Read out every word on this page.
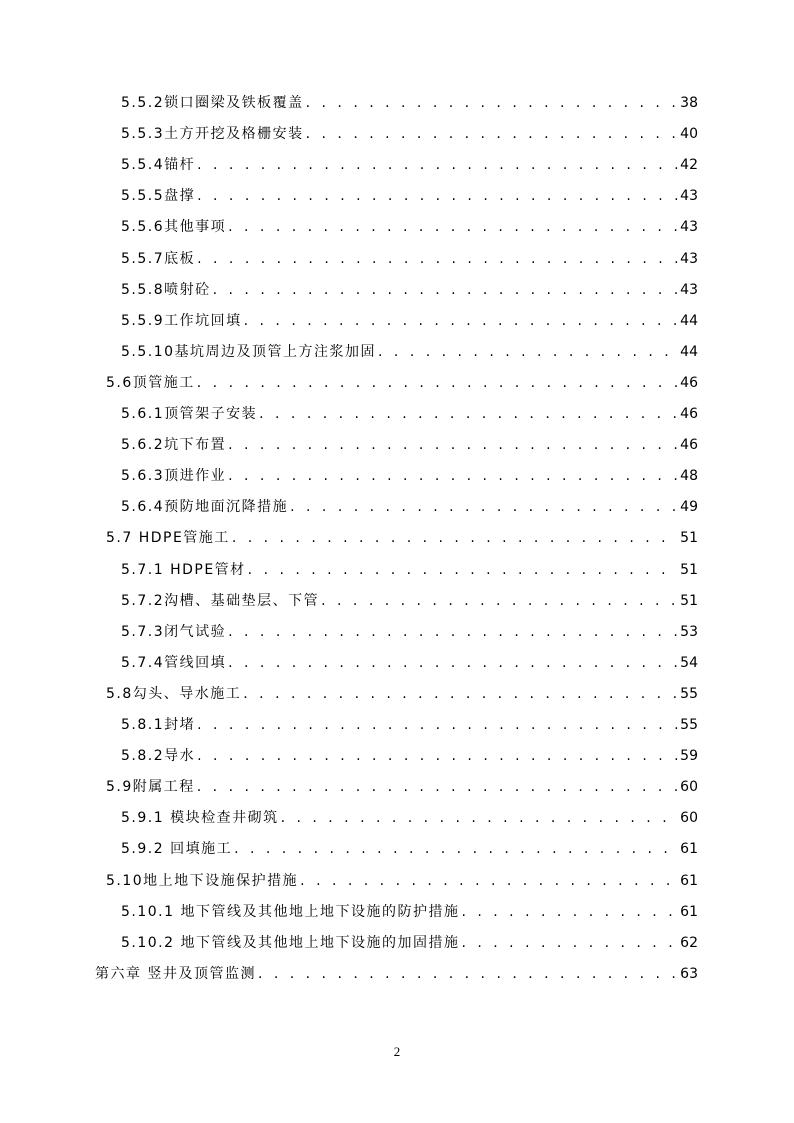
5.5.2锁口圈梁及铁板覆盖 . . .	38
5.5.3土方开挖及格栅安装 . . .	40
5.5.4锚杆 . . .	42
5.5.5盘撑 . . .	43
5.5.6其他事项 . . .	43
5.5.7底板 . . .	43
5.5.8喷射砼 . . .	43
5.5.9工作坑回填 . . .	44
5.5.10基坑周边及顶管上方注浆加固 . . .	44
5.6顶管施工 . . .	46
5.6.1顶管架子安装 . . .	46
5.6.2坑下布置 . . .	46
5.6.3顶进作业 . . .	48
5.6.4预防地面沉降措施 . . .	49
5.7 HDPE管施工 . . .	51
5.7.1 HDPE管材 . . .	51
5.7.2沟槽、基础垫层、下管 . . .	51
5.7.3闭气试验 . . .	53
5.7.4管线回填 . . .	54
5.8勾头、导水施工 . . .	55
5.8.1封堵 . . .	55
5.8.2导水 . . .	59
5.9附属工程 . . .	60
5.9.1 模块检查井砌筑 . . .	60
5.9.2 回填施工 . . .	61
5.10地上地下设施保护措施 . . .	61
5.10.1 地下管线及其他地上地下设施的防护措施 . . .	61
5.10.2 地下管线及其他地上地下设施的加固措施 . . .	62
第六章 竖井及顶管监测 . . .	63
2
